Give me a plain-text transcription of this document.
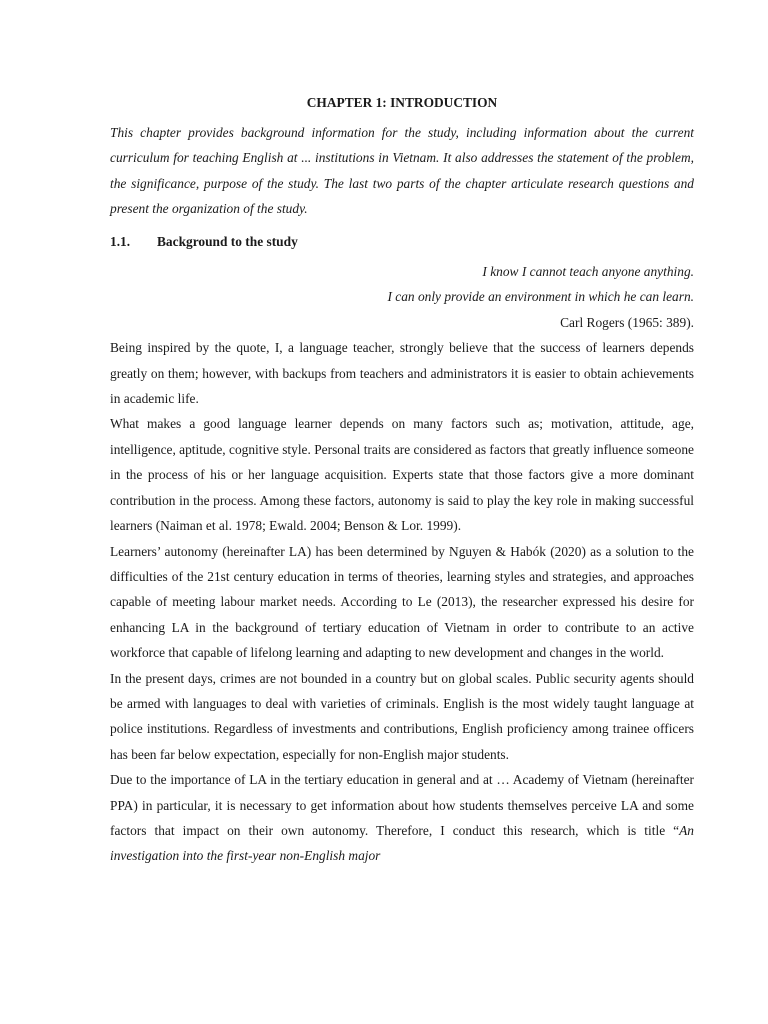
CHAPTER 1: INTRODUCTION

This chapter provides background information for the study, including information about the current curriculum for teaching English at ... institutions in Vietnam. It also addresses the statement of the problem, the significance, purpose of the study. The last two parts of the chapter articulate research questions and present the organization of the study.

1.1.	Background to the study
I know I cannot teach anyone anything.
I can only provide an environment in which he can learn.
Carl Rogers (1965: 389).

Being inspired by the quote, I, a language teacher, strongly believe that the success of learners depends greatly on them; however, with backups from teachers and administrators it is easier to obtain achievements in academic life.

What makes a good language learner depends on many factors such as; motivation, attitude, age, intelligence, aptitude, cognitive style. Personal traits are considered as factors that greatly influence someone in the process of his or her language acquisition. Experts state that those factors give a more dominant contribution in the process. Among these factors, autonomy is said to play the key role in making successful learners (Naiman et al. 1978; Ewald. 2004; Benson & Lor. 1999).

Learners’ autonomy (hereinafter LA) has been determined by Nguyen & Habók (2020) as a solution to the difficulties of the 21st century education in terms of theories, learning styles and strategies, and approaches capable of meeting labour market needs. According to Le (2013), the researcher expressed his desire for enhancing LA in the background of tertiary education of Vietnam in order to contribute to an active workforce that capable of lifelong learning and adapting to new development and changes in the world.

In the present days, crimes are not bounded in a country but on global scales. Public security agents should be armed with languages to deal with varieties of criminals. English is the most widely taught language at police institutions. Regardless of investments and contributions, English proficiency among trainee officers has been far below expectation, especially for non-English major students.

Due to the importance of LA in the tertiary education in general and at … Academy of Vietnam (hereinafter PPA) in particular, it is necessary to get information about how students themselves perceive LA and some factors that impact on their own autonomy. Therefore, I conduct this research, which is title “An investigation into the first-year non-English major
